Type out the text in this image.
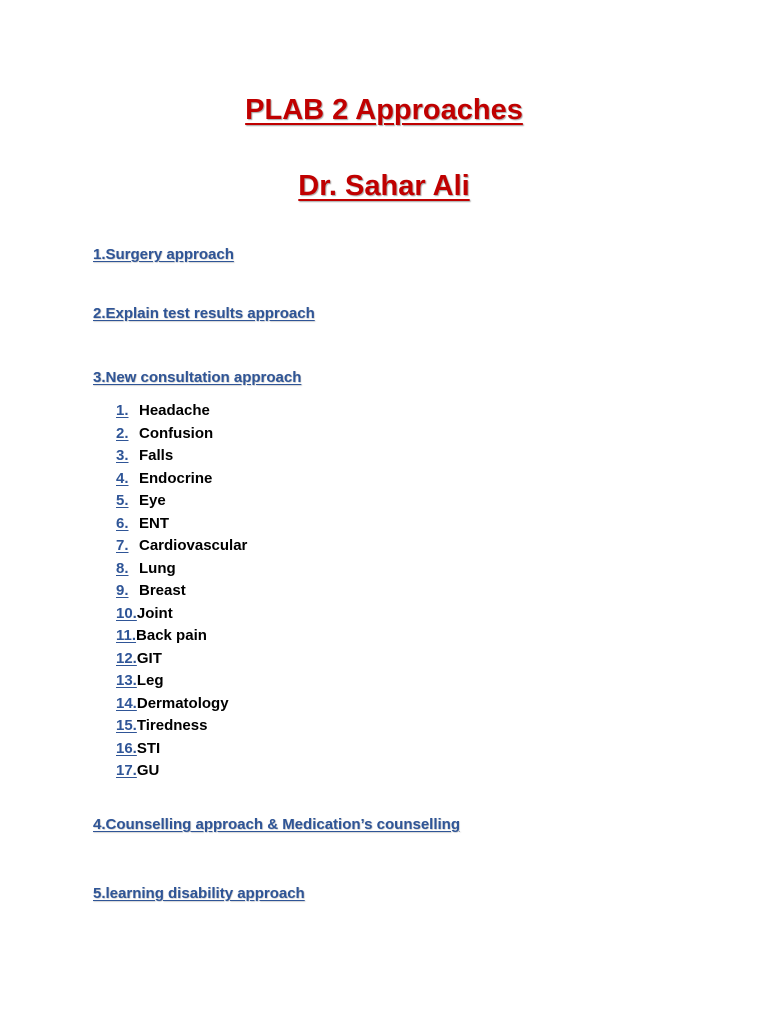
PLAB 2 Approaches
Dr. Sahar Ali
1.Surgery approach
2.Explain test results approach
3.New consultation approach
1. Headache
2. Confusion
3. Falls
4. Endocrine
5. Eye
6. ENT
7. Cardiovascular
8. Lung
9. Breast
10.Joint
11.Back pain
12.GIT
13.Leg
14.Dermatology
15.Tiredness
16.STI
17.GU
4.Counselling approach & Medication’s counselling
5.learning disability approach
